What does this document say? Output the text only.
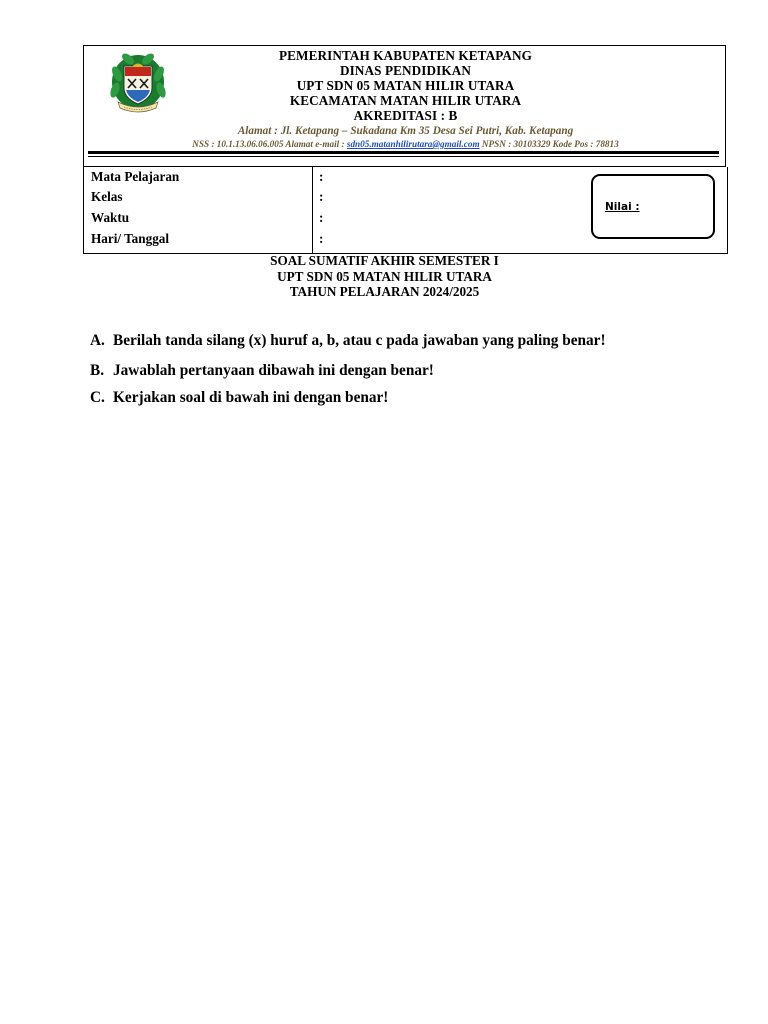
PEMERINTAH KABUPATEN KETAPANG
DINAS PENDIDIKAN
UPT SDN 05 MATAN HILIR UTARA
KECAMATAN MATAN HILIR UTARA
AKREDITASI : B
Alamat : Jl. Ketapang – Sukadana Km 35 Desa Sei Putri, Kab. Ketapang
NSS : 10.1.13.06.06.005 Alamat e-mail : sdn05.matanhilirutara@gmail.com NPSN : 30103329 Kode Pos : 78813
Mata Pelajaran	:
Kelas	:
Waktu	:
Hari/ Tanggal	:
Nilai :
SOAL SUMATIF AKHIR SEMESTER I
UPT SDN 05 MATAN HILIR UTARA
TAHUN PELAJARAN 2024/2025
A. Berilah tanda silang (x) huruf a, b, atau c pada jawaban yang paling benar!
B. Jawablah pertanyaan dibawah ini dengan benar!
C. Kerjakan soal di bawah ini dengan benar!
